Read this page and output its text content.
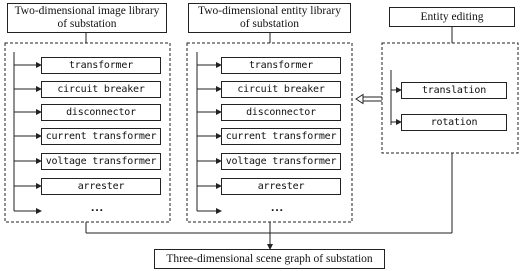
Two-dimensional image library of substation
Two-dimensional entity library of substation
Entity editing
transformer
circuit breaker
disconnector
current transformer
voltage transformer
arrester
...
transformer
circuit breaker
disconnector
current transformer
voltage transformer
arrester
...
translation
rotation
Three-dimensional scene graph of substation
